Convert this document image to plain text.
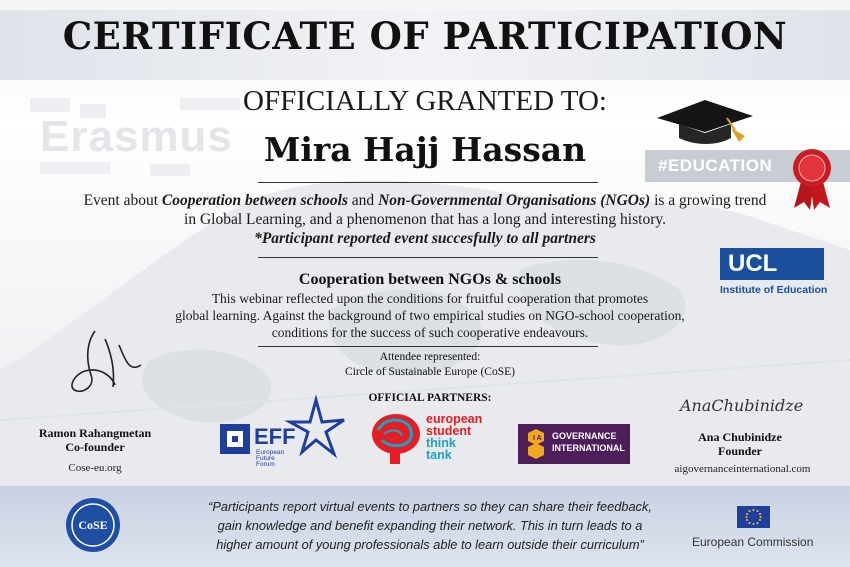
Erasmus
CERTIFICATE OF PARTICIPATION
OFFICIALLY GRANTED TO:
Mira Hajj Hassan	#EDUCATION
Event about Cooperation between schools and Non-Governmental Organisations (NGOs) is a growing trend in Global Learning, and a phenomenon that has a long and interesting history.
*Participant reported event succesfully to all partners
UCL
Institute of Education
Cooperation between NGOs & schools
This webinar reflected upon the conditions for fruitful cooperation that promotes
global learning. Against the background of two empirical studies on NGO-school cooperation,
conditions for the success of such cooperative endeavours.
Attendee represented:
Circle of Sustainable Europe (CoSE)
OFFICIAL PARTNERS:
Ramon Rahangmetan
Co-founder
Cose-eu.org
AnaChubinidze
Ana Chubinidze
Founder
aigovernanceinternational.com
EFF
European
Future
Forum
european
student
think
tank
I A GOVERNANCE
INTERNATIONAL
CoSE
“Participants report virtual events to partners so they can share their feedback,
gain knowledge and benefit expanding their network. This in turn leads to a
higher amount of young professionals able to learn outside their curriculum”	European Commission
